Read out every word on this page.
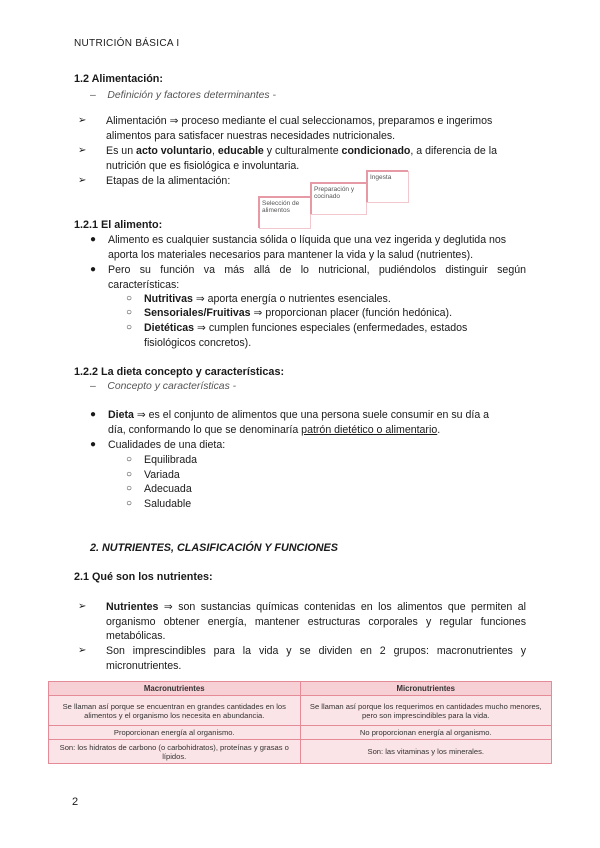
NUTRICIÓN BÁSICA I
1.2 Alimentación:
– Definición y factores determinantes -
➢ Alimentación ⇒ proceso mediante el cual seleccionamos, preparamos e ingerimos
alimentos para satisfacer nuestras necesidades nutricionales.
➢ Es un acto voluntario, educable y culturalmente condicionado, a diferencia de la
nutrición que es fisiológica e involuntaria.
➢	Etapas de la alimentación:
Selección de alimentos
Preparación y cocinado
Ingesta
1.2.1 El alimento:
● Alimento es cualquier sustancia sólida o líquida que una vez ingerida y deglutida nos
aporta los materiales necesarios para mantener la vida y la salud (nutrientes).
● Pero su función va más allá de lo nutricional, pudiéndolos distinguir según
características:
○	Nutritivas ⇒ aporta energía o nutrientes esenciales.
○	Sensoriales/Fruitivas ⇒ proporcionan placer (función hedónica).
○ Dietéticas ⇒ cumplen funciones especiales (enfermedades, estados
fisiológicos concretos).
1.2.2 La dieta concepto y características:
– Concepto y características -
● Dieta ⇒ es el conjunto de alimentos que una persona suele consumir en su día a
día, conformando lo que se denominaría patrón dietético o alimentario.
●	Cualidades de una dieta:
○ Equilibrada
○ Variada
○ Adecuada
○ Saludable
2. NUTRIENTES, CLASIFICACIÓN Y FUNCIONES
2.1 Qué son los nutrientes:
➢ Nutrientes ⇒ son sustancias químicas contenidas en los alimentos que permiten al
organismo obtener energía, mantener estructuras corporales y regular funciones
metabólicas.
➢ Son imprescindibles para la vida y se dividen en 2 grupos: macronutrientes y
micronutrientes.
Macronutrientes	Micronutrientes
Se llaman así porque se encuentran en grandes cantidades en los alimentos y el organismo los necesita en abundancia.	Se llaman así porque los requerimos en cantidades mucho menores, pero son imprescindibles para la vida.
Proporcionan energía al organismo.	No proporcionan energía al organismo.
Son: los hidratos de carbono (o carbohidratos), proteínas y grasas o lípidos.	Son: las vitaminas y los minerales.
2
